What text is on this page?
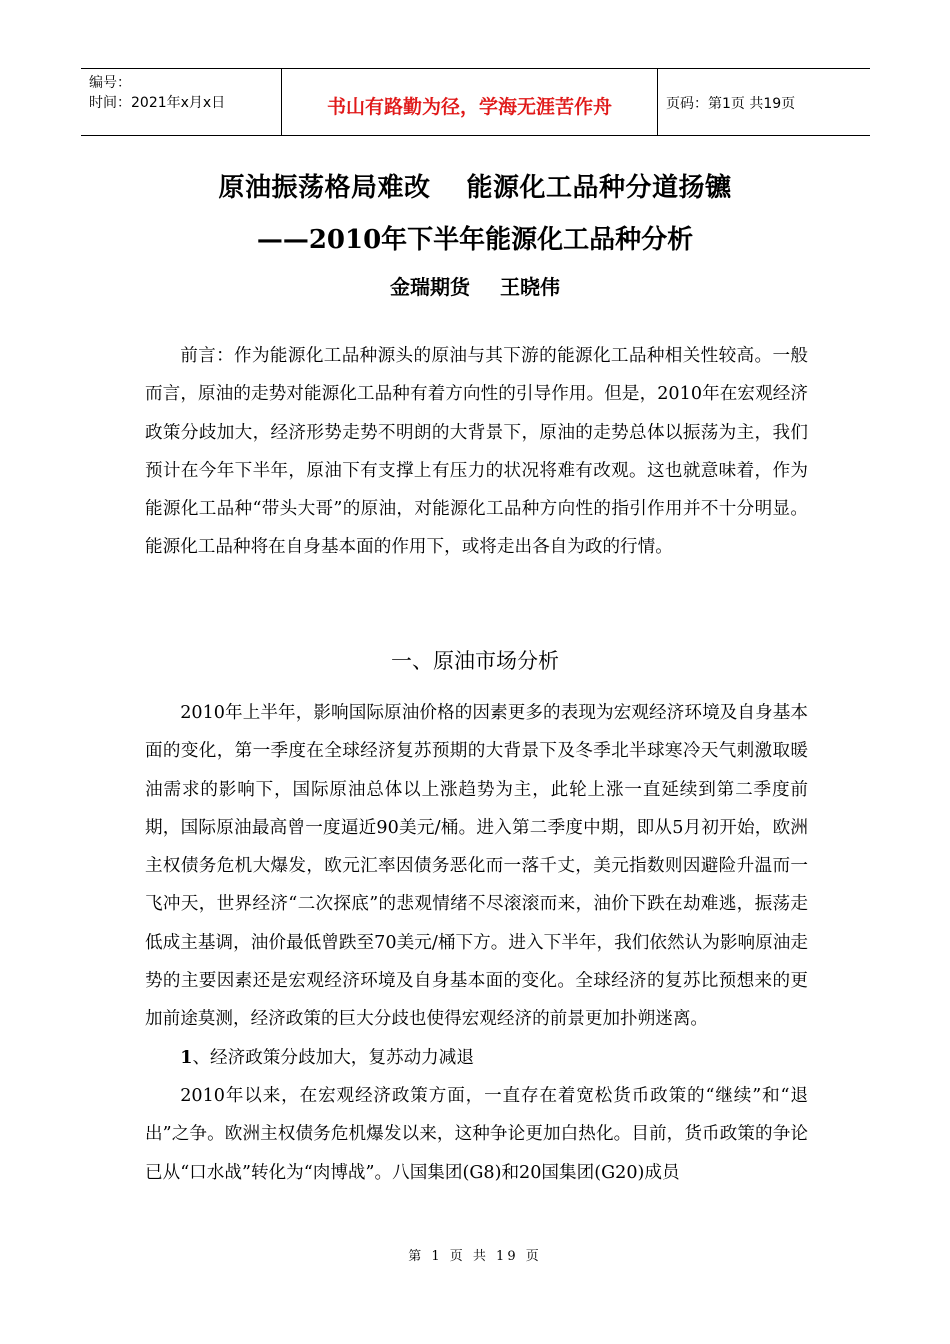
编号：
时间：2021年x月x日	书山有路勤为径，学海无涯苦作舟	页码：第1页 共19页
原油振荡格局难改 能源化工品种分道扬镳
——2010年下半年能源化工品种分析
金瑞期货 王晓伟

前言：作为能源化工品种源头的原油与其下游的能源化工品种相关性较高。一般而言，原油的走势对能源化工品种有着方向性的引导作用。但是，2010年在宏观经济政策分歧加大，经济形势走势不明朗的大背景下，原油的走势总体以振荡为主，我们预计在今年下半年，原油下有支撑上有压力的状况将难有改观。这也就意味着，作为能源化工品种“带头大哥”的原油，对能源化工品种方向性的指引作用并不十分明显。能源化工品种将在自身基本面的作用下，或将走出各自为政的行情。

一、原油市场分析

2010年上半年，影响国际原油价格的因素更多的表现为宏观经济环境及自身基本面的变化，第一季度在全球经济复苏预期的大背景下及冬季北半球寒冷天气刺激取暖油需求的影响下，国际原油总体以上涨趋势为主，此轮上涨一直延续到第二季度前期，国际原油最高曾一度逼近90美元/桶。进入第二季度中期，即从5月初开始，欧洲主权债务危机大爆发，欧元汇率因债务恶化而一落千丈，美元指数则因避险升温而一飞冲天，世界经济“二次探底”的悲观情绪不尽滚滚而来，油价下跌在劫难逃，振荡走低成主基调，油价最低曾跌至70美元/桶下方。进入下半年，我们依然认为影响原油走势的主要因素还是宏观经济环境及自身基本面的变化。全球经济的复苏比预想来的更加前途莫测，经济政策的巨大分歧也使得宏观经济的前景更加扑朔迷离。

1、经济政策分歧加大，复苏动力减退

2010年以来，在宏观经济政策方面，一直存在着宽松货币政策的“继续”和“退出”之争。欧洲主权债务危机爆发以来，这种争论更加白热化。目前，货币政策的争论已从“口水战”转化为“肉博战”。八国集团(G8)和20国集团(G20)成员

第 1 页 共 19 页
